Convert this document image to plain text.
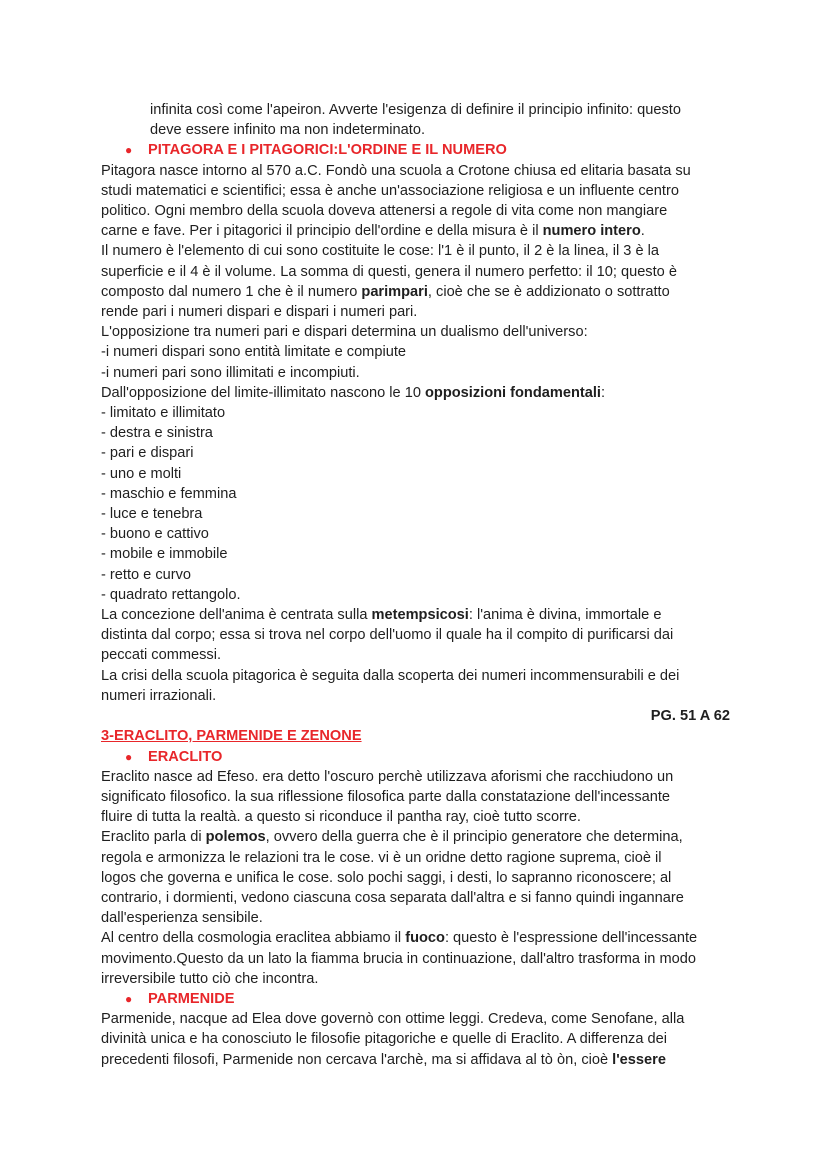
infinita così come l'apeiron. Avverte l'esigenza di definire il principio infinito: questo

deve essere infinito ma non indeterminato.

● PITAGORA E I PITAGORICI:L'ORDINE E IL NUMERO

Pitagora nasce intorno al 570 a.C. Fondò una scuola a Crotone chiusa ed elitaria basata su

studi matematici e scientifici; essa è anche un'associazione religiosa e un influente centro

politico. Ogni membro della scuola doveva attenersi a regole di vita come non mangiare

carne e fave. Per i pitagorici il principio dell'ordine e della misura è il numero intero.

Il numero è l'elemento di cui sono costituite le cose: l'1 è il punto, il 2 è la linea, il 3 è la

superficie e il 4 è il volume. La somma di questi, genera il numero perfetto: il 10; questo è

composto dal numero 1 che è il numero parimpari, cioè che se è addizionato o sottratto

rende pari i numeri dispari e dispari i numeri pari.

L'opposizione tra numeri pari e dispari determina un dualismo dell'universo:

-i numeri dispari sono entità limitate e compiute

-i numeri pari sono illimitati e incompiuti.

Dall'opposizione del limite-illimitato nascono le 10 opposizioni fondamentali:

- limitato e illimitato

- destra e sinistra

- pari e dispari

- uno e molti

- maschio e femmina

- luce e tenebra

- buono e cattivo

- mobile e immobile

- retto e curvo

- quadrato rettangolo.

La concezione dell'anima è centrata sulla metempsicosi: l'anima è divina, immortale e

distinta dal corpo; essa si trova nel corpo dell'uomo il quale ha il compito di purificarsi dai

peccati commessi.

La crisi della scuola pitagorica è seguita dalla scoperta dei numeri incommensurabili e dei

numeri irrazionali.

PG. 51 A 62

3-ERACLITO, PARMENIDE E ZENONE

● ERACLITO

Eraclito nasce ad Efeso. era detto l'oscuro perchè utilizzava aforismi che racchiudono un

significato filosofico. la sua riflessione filosofica parte dalla constatazione dell'incessante

fluire di tutta la realtà. a questo si riconduce il pantha ray, cioè tutto scorre.

Eraclito parla di polemos, ovvero della guerra che è il principio generatore che determina,

regola e armonizza le relazioni tra le cose. vi è un oridne detto ragione suprema, cioè il

logos che governa e unifica le cose. solo pochi saggi, i desti, lo sapranno riconoscere; al

contrario, i dormienti, vedono ciascuna cosa separata dall'altra e si fanno quindi ingannare

dall'esperienza sensibile.

Al centro della cosmologia eraclitea abbiamo il fuoco: questo è l'espressione dell'incessante

movimento.Questo da un lato la fiamma brucia in continuazione, dall'altro trasforma in modo

irreversibile tutto ciò che incontra.

● PARMENIDE

Parmenide, nacque ad Elea dove governò con ottime leggi. Credeva, come Senofane, alla

divinità unica e ha conosciuto le filosofie pitagoriche e quelle di Eraclito. A differenza dei

precedenti filosofi, Parmenide non cercava l'archè, ma si affidava al tò òn, cioè l'essere
